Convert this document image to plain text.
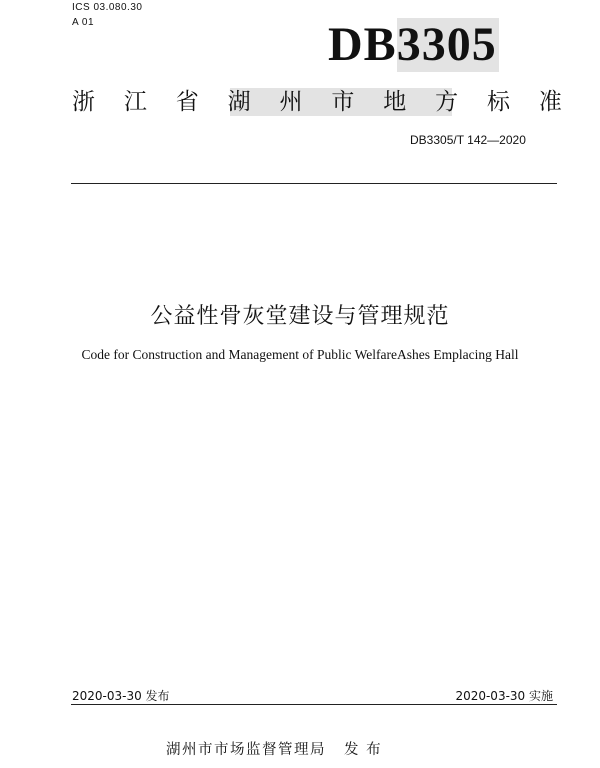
ICS 03.080.30
A 01	DB 3305
浙 江 省 湖 州 市 地 方 标 准
DB3305/T 142—2020
公益性骨灰堂建设与管理规范
Code for Construction and Management of Public WelfareAshes Emplacing Hall
2020-03-30 发布	2020-03-30 实施
湖州市市场监督管理局 发 布
